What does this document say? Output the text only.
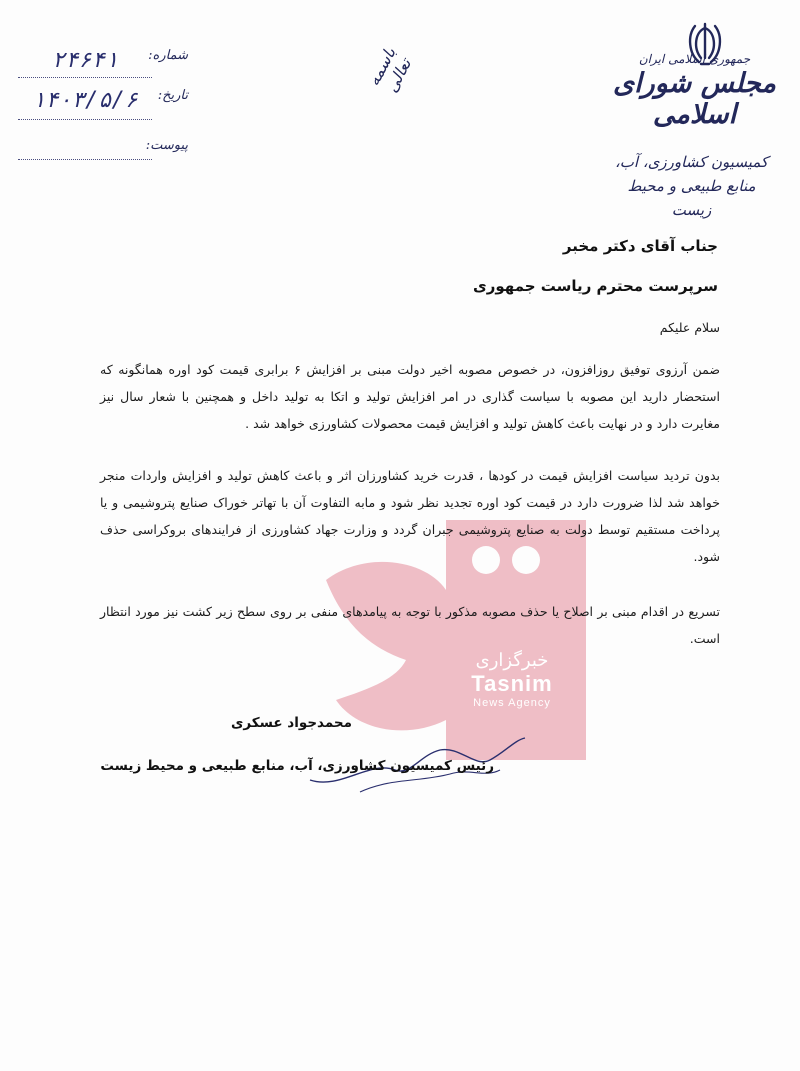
جمهوری اسلامی ایران
مجلس شورای اسلامی
کمیسیون کشاورزی، آب،
منابع طبیعی و محیط زیست
باسمه تعالی
شماره:
۲۴۶۴۱
تاریخ:
۱۴۰۳/۵/۶
پیوست:
خبرگزاری
Tasnim
News Agency
جناب آقای دکتر مخبر
سرپرست محترم ریاست جمهوری
سلام علیکم
ضمن آرزوی توفیق روزافزون، در خصوص مصوبه اخیر دولت مبنی بر افزایش ۶ برابری قیمت کود اوره همانگونه که استحضار دارید این مصوبه با سیاست گذاری در امر افزایش تولید و اتکا به تولید داخل و همچنین با شعار سال نیز مغایرت دارد و در نهایت باعث کاهش تولید و افزایش قیمت محصولات کشاورزی خواهد شد .
بدون تردید سیاست افزایش قیمت در کودها ، قدرت خرید کشاورزان اثر و باعث کاهش تولید و افزایش واردات منجر خواهد شد لذا ضرورت دارد در قیمت کود اوره تجدید نظر شود و مابه التفاوت آن با تهاتر خوراک صنایع پتروشیمی و یا پرداخت مستقیم توسط دولت به صنایع پتروشیمی جبران گردد و وزارت جهاد کشاورزی از فرایندهای بروکراسی حذف شود.
تسریع در اقدام مبنی بر اصلاح یا حذف مصوبه مذکور با توجه به پیامدهای منفی بر روی سطح زیر کشت نیز مورد انتظار است.
محمدجواد عسکری
رئیس کمیسیون کشاورزی، آب، منابع طبیعی و محیط زیست
